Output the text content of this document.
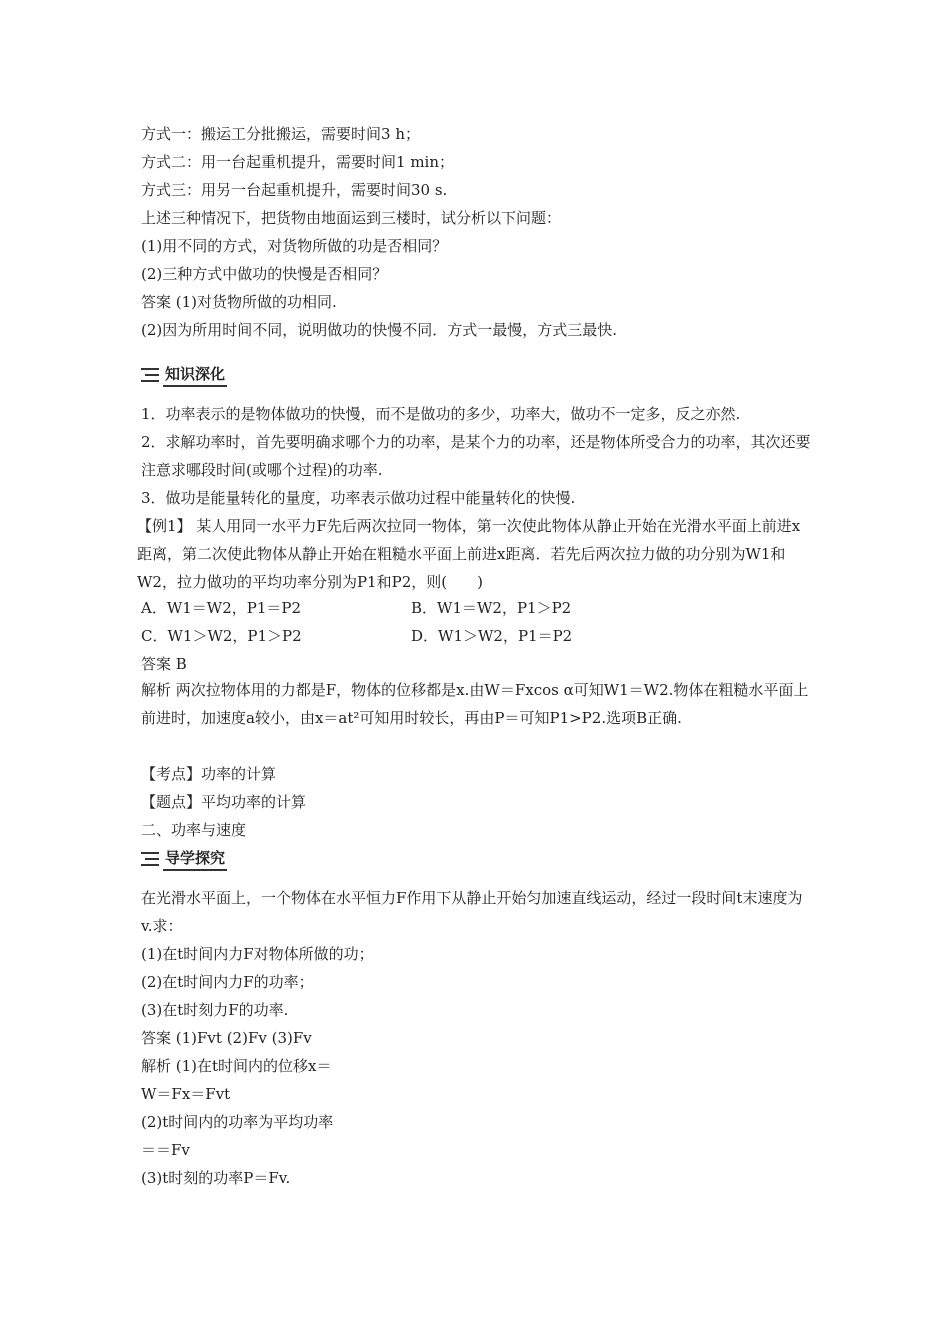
方式一：搬运工分批搬运，需要时间3 h；
方式二：用一台起重机提升，需要时间1 min；
方式三：用另一台起重机提升，需要时间30 s.
上述三种情况下，把货物由地面运到三楼时，试分析以下问题：
(1)用不同的方式，对货物所做的功是否相同？
(2)三种方式中做功的快慢是否相同？
答案 (1)对货物所做的功相同.
(2)因为所用时间不同，说明做功的快慢不同．方式一最慢，方式三最快.
知识深化
1．功率表示的是物体做功的快慢，而不是做功的多少，功率大，做功不一定多，反之亦然.
2．求解功率时，首先要明确求哪个力的功率，是某个力的功率，还是物体所受合力的功率，其次还要注意求哪段时间(或哪个过程)的功率.
3．做功是能量转化的量度，功率表示做功过程中能量转化的快慢.
【例1】 某人用同一水平力F先后两次拉同一物体，第一次使此物体从静止开始在光滑水平面上前进x距离，第二次使此物体从静止开始在粗糙水平面上前进x距离．若先后两次拉力做的功分别为W1和W2，拉力做功的平均功率分别为P1和P2，则(　　)
A．W1＝W2，P1＝P2	B．W1＝W2，P1＞P2
C．W1＞W2，P1＞P2	D．W1＞W2，P1＝P2
答案 B
解析 两次拉物体用的力都是F，物体的位移都是x.由W＝Fxcos α可知W1＝W2.物体在粗糙水平面上前进时，加速度a较小，由x＝at²可知用时较长，再由P＝可知P1>P2.选项B正确.
【考点】功率的计算
【题点】平均功率的计算
二、功率与速度
导学探究
在光滑水平面上，一个物体在水平恒力F作用下从静止开始匀加速直线运动，经过一段时间t末速度为v.求：
(1)在t时间内力F对物体所做的功；
(2)在t时间内力F的功率；
(3)在t时刻力F的功率.
答案 (1)Fvt (2)Fv (3)Fv
解析 (1)在t时间内的位移x＝
W＝Fx＝Fvt
(2)t时间内的功率为平均功率
＝＝Fv
(3)t时刻的功率P＝Fv.
